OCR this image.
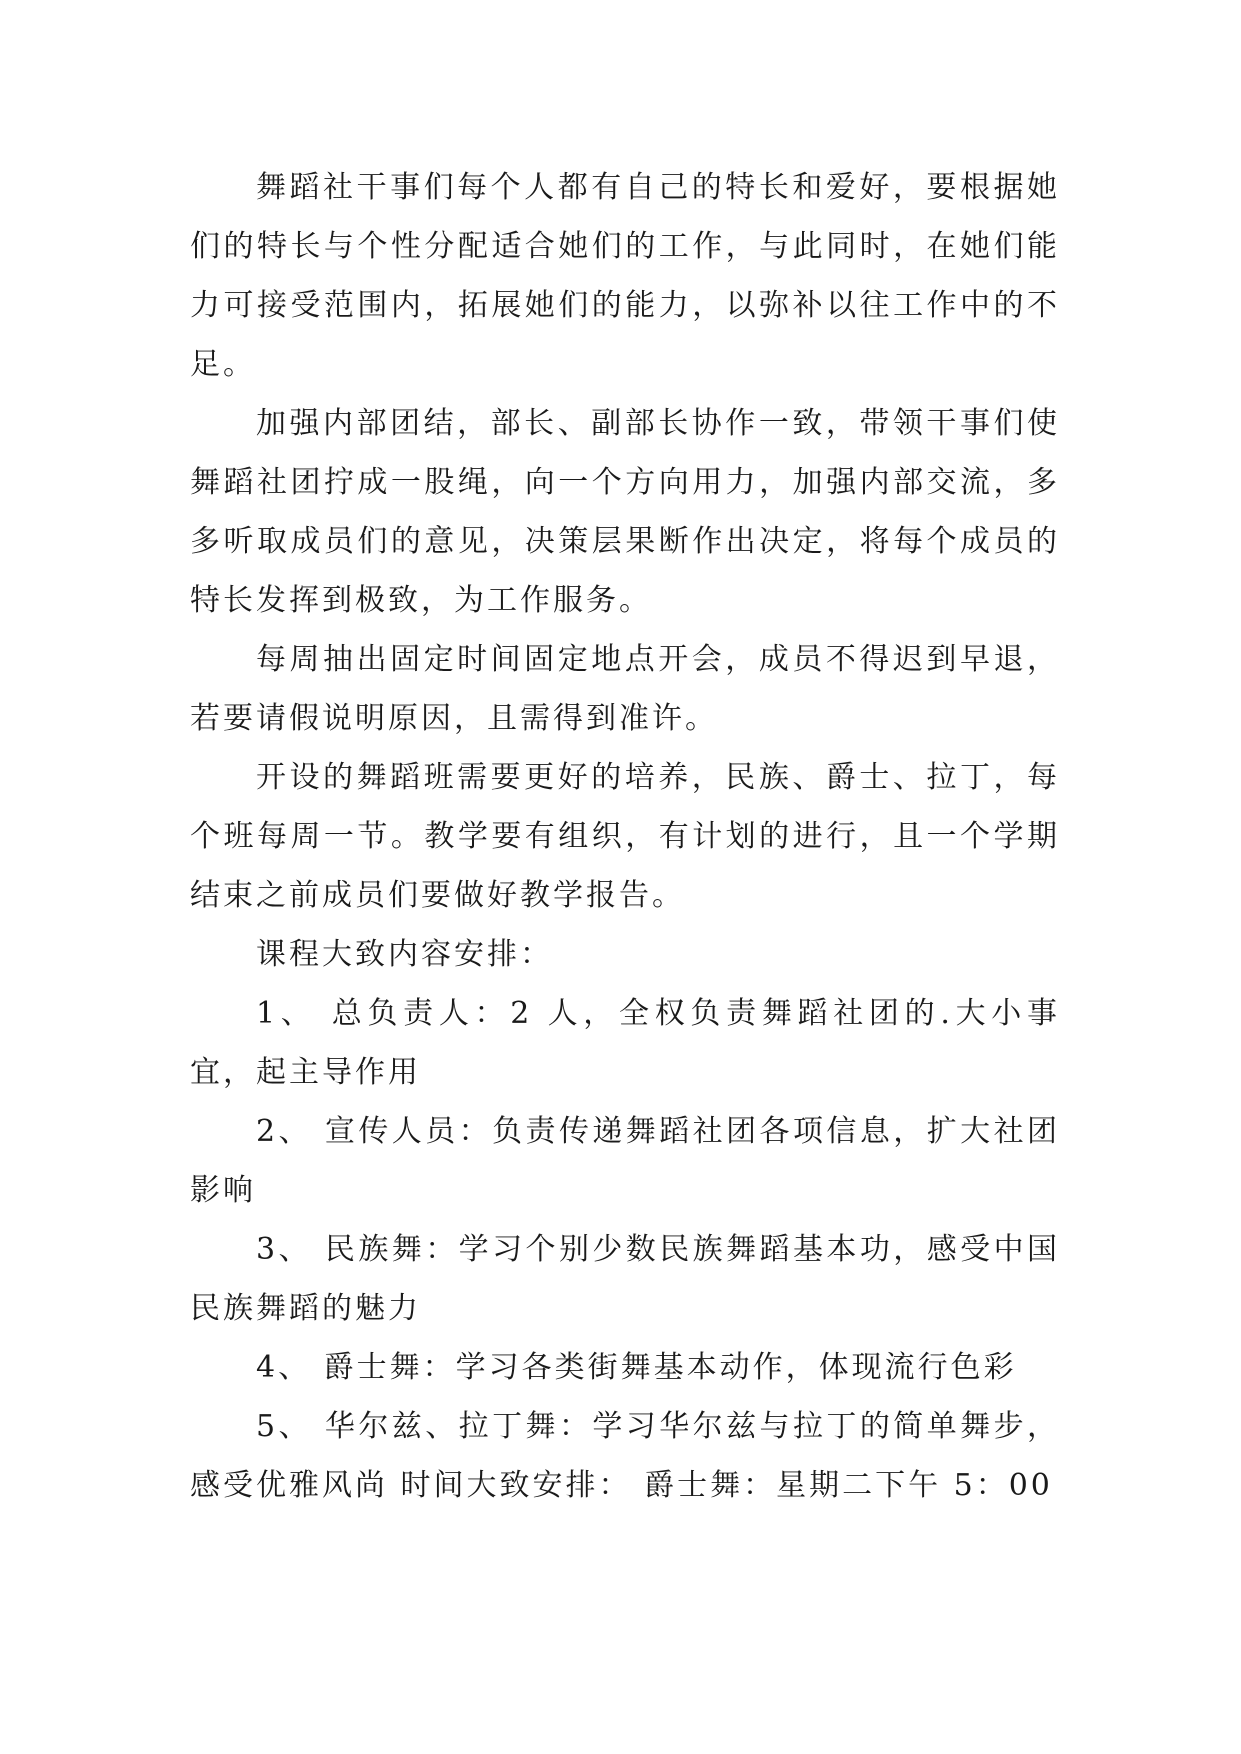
舞蹈社干事们每个人都有自己的特长和爱好，要根据她们的特长与个性分配适合她们的工作，与此同时，在她们能力可接受范围内，拓展她们的能力，以弥补以往工作中的不足。

加强内部团结，部长、副部长协作一致，带领干事们使舞蹈社团拧成一股绳，向一个方向用力，加强内部交流，多多听取成员们的意见，决策层果断作出决定，将每个成员的特长发挥到极致，为工作服务。

每周抽出固定时间固定地点开会，成员不得迟到早退，若要请假说明原因，且需得到准许。

开设的舞蹈班需要更好的培养，民族、爵士、拉丁，每个班每周一节。教学要有组织，有计划的进行，且一个学期结束之前成员们要做好教学报告。

课程大致内容安排：

1、 总负责人：2 人，全权负责舞蹈社团的.大小事宜，起主导作用

2、 宣传人员：负责传递舞蹈社团各项信息，扩大社团影响

3、 民族舞：学习个别少数民族舞蹈基本功，感受中国民族舞蹈的魅力

4、 爵士舞：学习各类街舞基本动作，体现流行色彩

5、 华尔兹、拉丁舞：学习华尔兹与拉丁的简单舞步，感受优雅风尚 时间大致安排： 爵士舞：星期二下午 5：00
